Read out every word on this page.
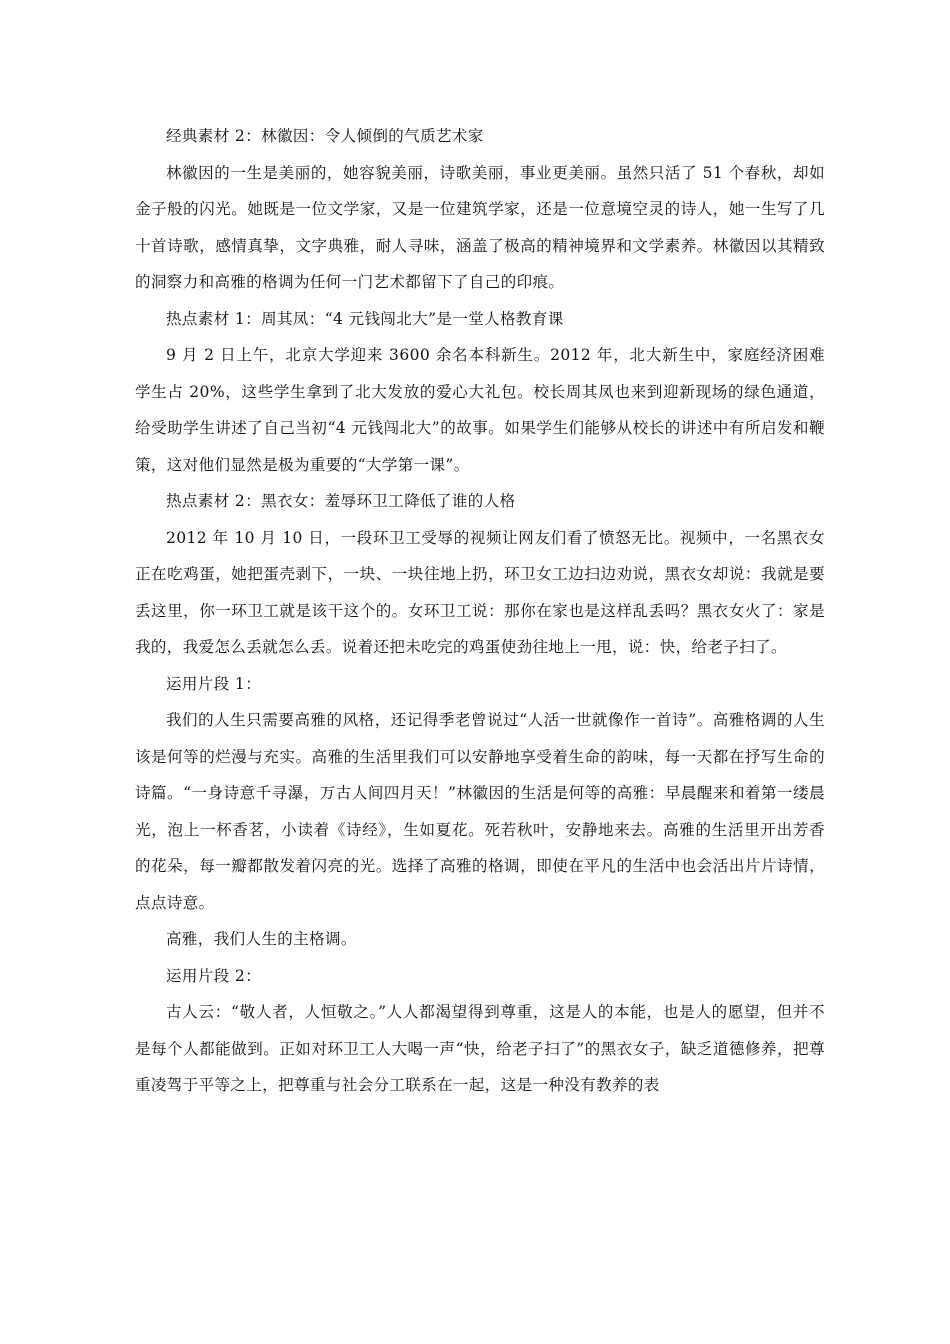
经典素材 2：林徽因：令人倾倒的气质艺术家

林徽因的一生是美丽的，她容貌美丽，诗歌美丽，事业更美丽。虽然只活了 51 个春秋，却如金子般的闪光。她既是一位文学家，又是一位建筑学家，还是一位意境空灵的诗人，她一生写了几十首诗歌，感情真挚，文字典雅，耐人寻味，涵盖了极高的精神境界和文学素养。林徽因以其精致的洞察力和高雅的格调为任何一门艺术都留下了自己的印痕。

热点素材 1：周其凤：“4 元钱闯北大”是一堂人格教育课

9 月 2 日上午，北京大学迎来 3600 余名本科新生。2012 年，北大新生中，家庭经济困难学生占 20%，这些学生拿到了北大发放的爱心大礼包。校长周其凤也来到迎新现场的绿色通道，给受助学生讲述了自己当初“4 元钱闯北大”的故事。如果学生们能够从校长的讲述中有所启发和鞭策，这对他们显然是极为重要的“大学第一课”。

热点素材 2：黑衣女：羞辱环卫工降低了谁的人格

2012 年 10 月 10 日，一段环卫工受辱的视频让网友们看了愤怒无比。视频中，一名黑衣女正在吃鸡蛋，她把蛋壳剥下，一块、一块往地上扔，环卫女工边扫边劝说，黑衣女却说：我就是要丢这里，你一环卫工就是该干这个的。女环卫工说：那你在家也是这样乱丢吗？黑衣女火了：家是我的，我爱怎么丢就怎么丢。说着还把未吃完的鸡蛋使劲往地上一甩，说：快，给老子扫了。

运用片段 1：

我们的人生只需要高雅的风格，还记得季老曾说过“人活一世就像作一首诗”。高雅格调的人生该是何等的烂漫与充实。高雅的生活里我们可以安静地享受着生命的韵味，每一天都在抒写生命的诗篇。“一身诗意千寻瀑，万古人间四月天！”林徽因的生活是何等的高雅：早晨醒来和着第一缕晨光，泡上一杯香茗，小读着《诗经》，生如夏花。死若秋叶，安静地来去。高雅的生活里开出芳香的花朵，每一瓣都散发着闪亮的光。选择了高雅的格调，即使在平凡的生活中也会活出片片诗情，点点诗意。

高雅，我们人生的主格调。

运用片段 2：

古人云：“敬人者，人恒敬之。”人人都渴望得到尊重，这是人的本能，也是人的愿望，但并不是每个人都能做到。正如对环卫工人大喝一声“快，给老子扫了”的黑衣女子，缺乏道德修养，把尊重凌驾于平等之上，把尊重与社会分工联系在一起，这是一种没有教养的表
